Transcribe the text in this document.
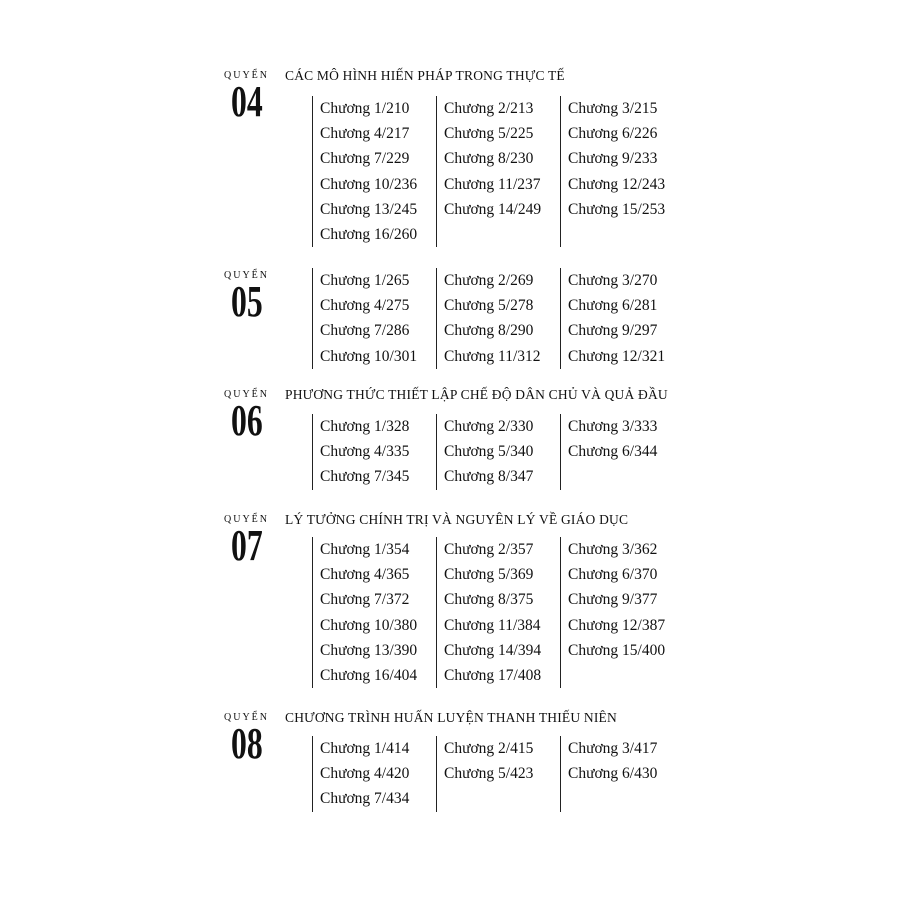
QUYỂN
04
CÁC MÔ HÌNH HIẾN PHÁP TRONG THỰC TẾ
Chương 1/210
Chương 4/217
Chương 7/229
Chương 10/236
Chương 13/245
Chương 16/260
Chương 2/213
Chương 5/225
Chương 8/230
Chương 11/237
Chương 14/249
Chương 3/215
Chương 6/226
Chương 9/233
Chương 12/243
Chương 15/253
QUYỂN
05	Chương 1/265
Chương 4/275
Chương 7/286
Chương 10/301
Chương 2/269
Chương 5/278
Chương 8/290
Chương 11/312
Chương 3/270
Chương 6/281
Chương 9/297
Chương 12/321
QUYỂN
06
PHƯƠNG THỨC THIẾT LẬP CHẾ ĐỘ DÂN CHỦ VÀ QUẢ ĐẦU
Chương 1/328
Chương 4/335
Chương 7/345
Chương 2/330
Chương 5/340
Chương 8/347
Chương 3/333
Chương 6/344
QUYỂN
07
LÝ TƯỞNG CHÍNH TRỊ VÀ NGUYÊN LÝ VỀ GIÁO DỤC
Chương 1/354
Chương 4/365
Chương 7/372
Chương 10/380
Chương 13/390
Chương 16/404
Chương 2/357
Chương 5/369
Chương 8/375
Chương 11/384
Chương 14/394
Chương 17/408
Chương 3/362
Chương 6/370
Chương 9/377
Chương 12/387
Chương 15/400
QUYỂN
08
CHƯƠNG TRÌNH HUẤN LUYỆN THANH THIẾU NIÊN
Chương 1/414
Chương 4/420
Chương 7/434
Chương 2/415
Chương 5/423
Chương 3/417
Chương 6/430
